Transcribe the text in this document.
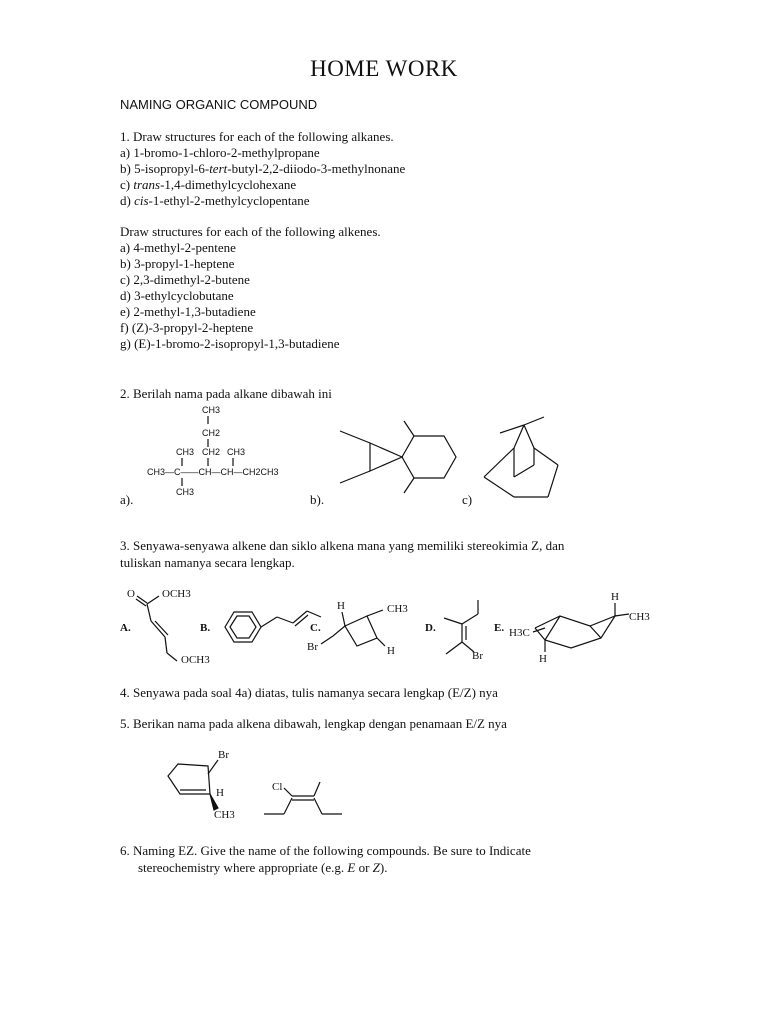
HOME WORK
NAMING ORGANIC COMPOUND
1. Draw structures for each of the following alkanes.
a) 1-bromo-1-chloro-2-methylpropane
b) 5-isopropyl-6-tert-butyl-2,2-diiodo-3-methylnonane
c) trans-1,4-dimethylcyclohexane
d) cis-1-ethyl-2-methylcyclopentane
Draw structures for each of the following alkenes.
a) 4-methyl-2-pentene
b) 3-propyl-1-heptene
c) 2,3-dimethyl-2-butene
d) 3-ethylcyclobutane
e) 2-methyl-1,3-butadiene
f) (Z)-3-propyl-2-heptene
g) (E)-1-bromo-2-isopropyl-1,3-butadiene
2. Berilah nama pada alkane dibawah ini
a).	b).	c)
CH3
CH2
CH3 CH2 CH3
CH3—C——CH—CH—CH2CH3
CH3
3. Senyawa-senyawa alkene dan siklo alkena mana yang memiliki stereokimia Z, dan
tuliskan namanya secara lengkap.
A.	B.	C.	D.	E.
O OCH3
OCH3
H	CH3
Br	H	Br
H
CH3
H3C
H
4. Senyawa pada soal 4a) diatas, tulis namanya secara lengkap (E/Z) nya
5. Berikan nama pada alkena dibawah, lengkap dengan penamaan E/Z nya
Br
H
CH3
Cl
6. Naming EZ. Give the name of the following compounds. Be sure to Indicate
stereochemistry where appropriate (e.g. E or Z).
